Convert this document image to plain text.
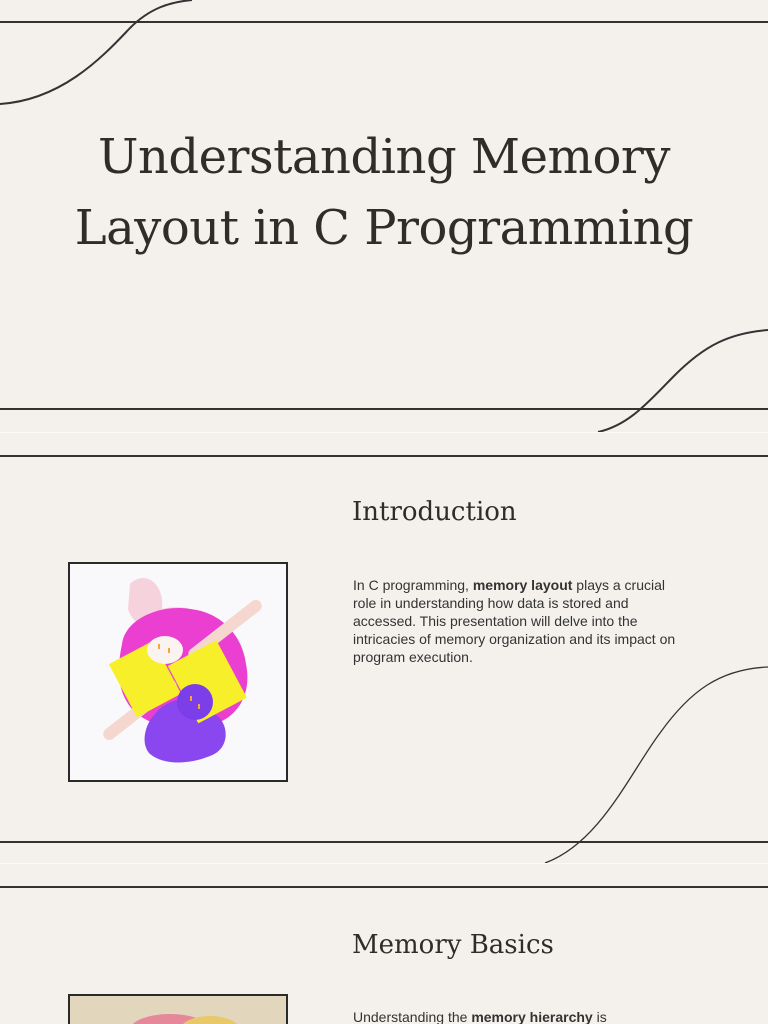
Understanding Memory Layout in C Programming
Introduction

In C programming, memory layout plays a crucial role in understanding how data is stored and accessed. This presentation will delve into the intricacies of memory organization and its impact on program execution.

Memory Basics

Understanding the memory hierarchy is
